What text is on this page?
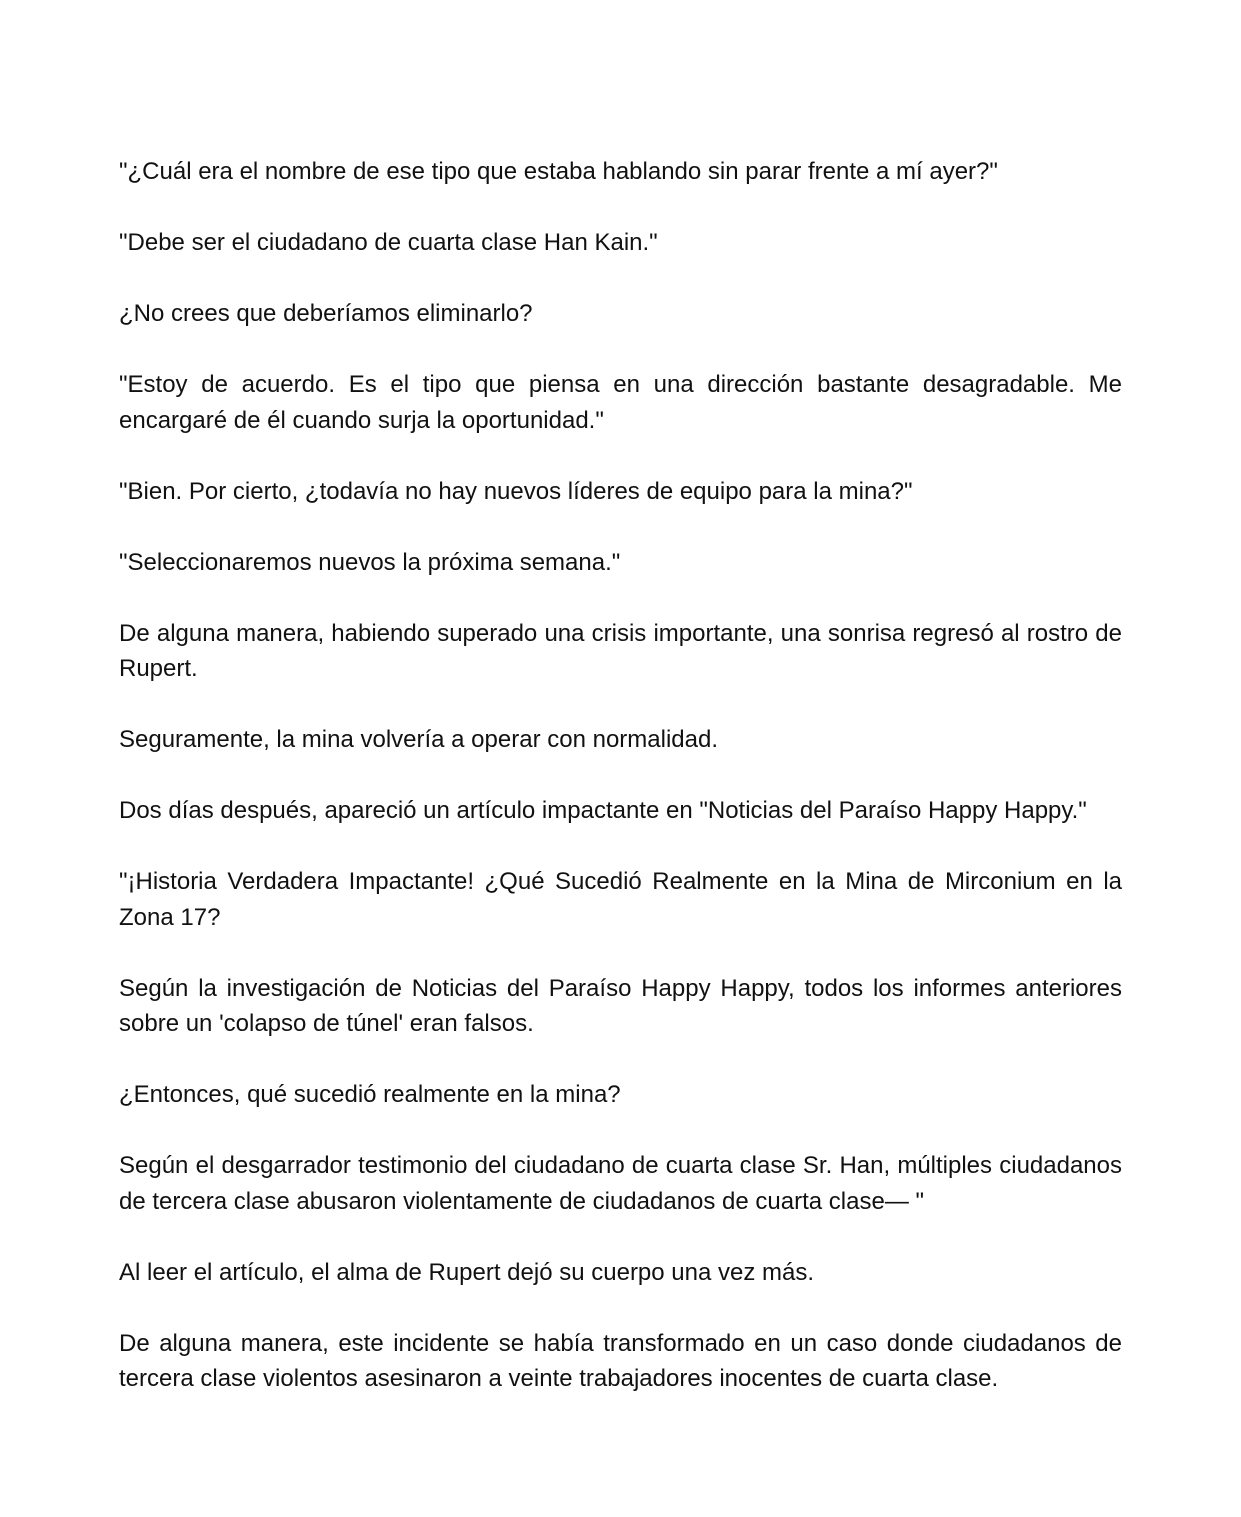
"¿Cuál era el nombre de ese tipo que estaba hablando sin parar frente a mí ayer?"

"Debe ser el ciudadano de cuarta clase Han Kain."

¿No crees que deberíamos eliminarlo?

"Estoy de acuerdo. Es el tipo que piensa en una dirección bastante desagradable. Me encargaré de él cuando surja la oportunidad."

"Bien. Por cierto, ¿todavía no hay nuevos líderes de equipo para la mina?"

"Seleccionaremos nuevos la próxima semana."

De alguna manera, habiendo superado una crisis importante, una sonrisa regresó al rostro de Rupert.

Seguramente, la mina volvería a operar con normalidad.

Dos días después, apareció un artículo impactante en "Noticias del Paraíso Happy Happy."

"¡Historia Verdadera Impactante! ¿Qué Sucedió Realmente en la Mina de Mirconium en la Zona 17?

Según la investigación de Noticias del Paraíso Happy Happy, todos los informes anteriores sobre un 'colapso de túnel' eran falsos.

¿Entonces, qué sucedió realmente en la mina?

Según el desgarrador testimonio del ciudadano de cuarta clase Sr. Han, múltiples ciudadanos de tercera clase abusaron violentamente de ciudadanos de cuarta clase— "

Al leer el artículo, el alma de Rupert dejó su cuerpo una vez más.

De alguna manera, este incidente se había transformado en un caso donde ciudadanos de tercera clase violentos asesinaron a veinte trabajadores inocentes de cuarta clase.
